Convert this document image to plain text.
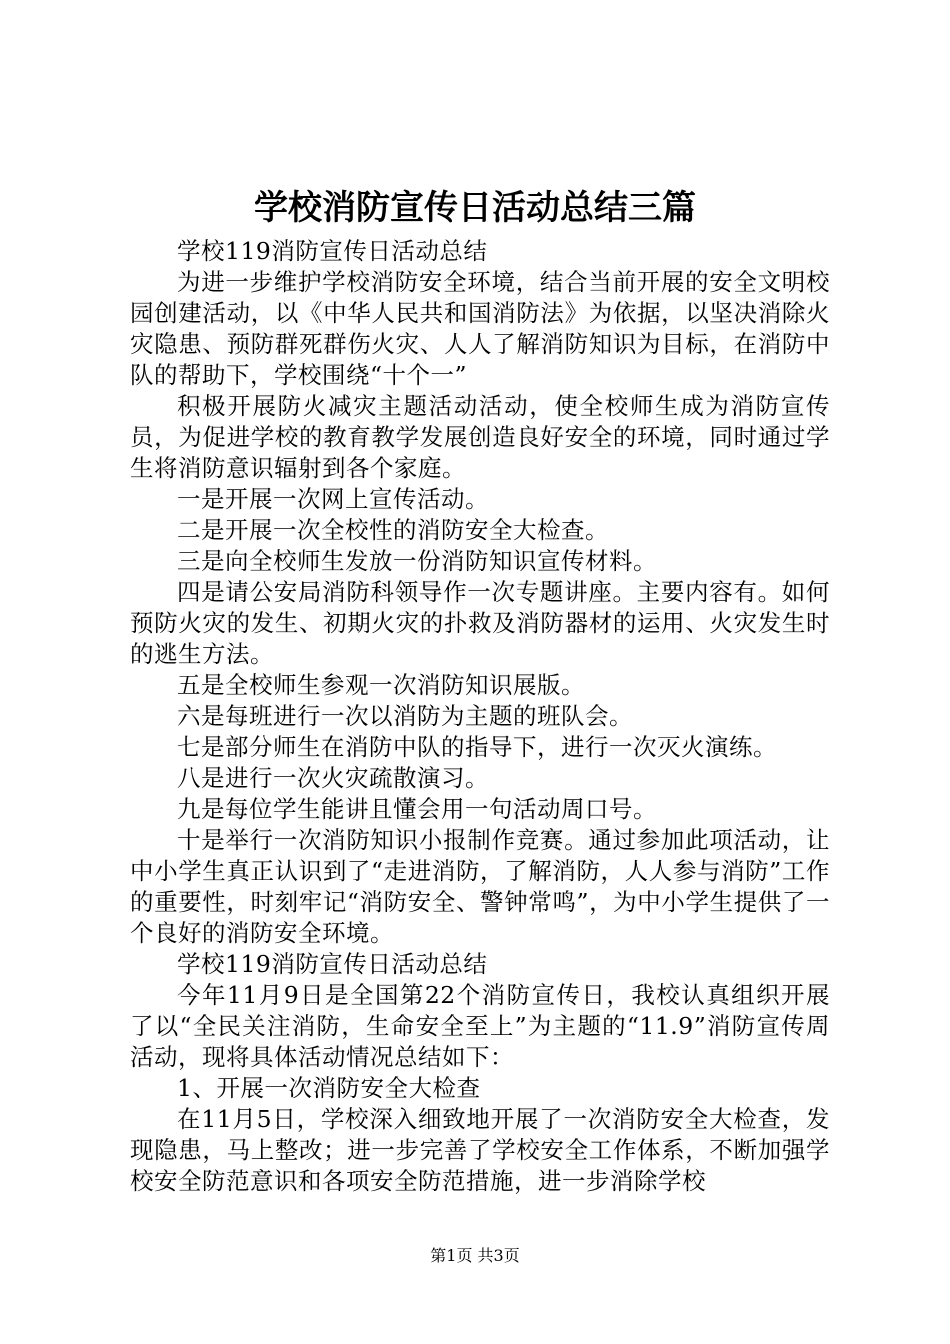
学校消防宣传日活动总结三篇

学校119消防宣传日活动总结

为进一步维护学校消防安全环境，结合当前开展的安全文明校园创建活动，以《中华人民共和国消防法》为依据，以坚决消除火灾隐患、预防群死群伤火灾、人人了解消防知识为目标，在消防中队的帮助下，学校围绕“十个一”

积极开展防火减灾主题活动活动，使全校师生成为消防宣传员，为促进学校的教育教学发展创造良好安全的环境，同时通过学生将消防意识辐射到各个家庭。

一是开展一次网上宣传活动。

二是开展一次全校性的消防安全大检查。

三是向全校师生发放一份消防知识宣传材料。

四是请公安局消防科领导作一次专题讲座。主要内容有。如何预防火灾的发生、初期火灾的扑救及消防器材的运用、火灾发生时的逃生方法。

五是全校师生参观一次消防知识展版。

六是每班进行一次以消防为主题的班队会。

七是部分师生在消防中队的指导下，进行一次灭火演练。

八是进行一次火灾疏散演习。

九是每位学生能讲且懂会用一句活动周口号。

十是举行一次消防知识小报制作竞赛。通过参加此项活动，让中小学生真正认识到了“走进消防，了解消防，人人参与消防”工作的重要性，时刻牢记“消防安全、警钟常鸣”，为中小学生提供了一个良好的消防安全环境。

学校119消防宣传日活动总结

今年11月9日是全国第22个消防宣传日，我校认真组织开展了以“全民关注消防，生命安全至上”为主题的“11.9”消防宣传周活动，现将具体活动情况总结如下：

1、开展一次消防安全大检查

在11月5日，学校深入细致地开展了一次消防安全大检查，发现隐患，马上整改；进一步完善了学校安全工作体系，不断加强学校安全防范意识和各项安全防范措施，进一步消除学校

第1页 共3页
